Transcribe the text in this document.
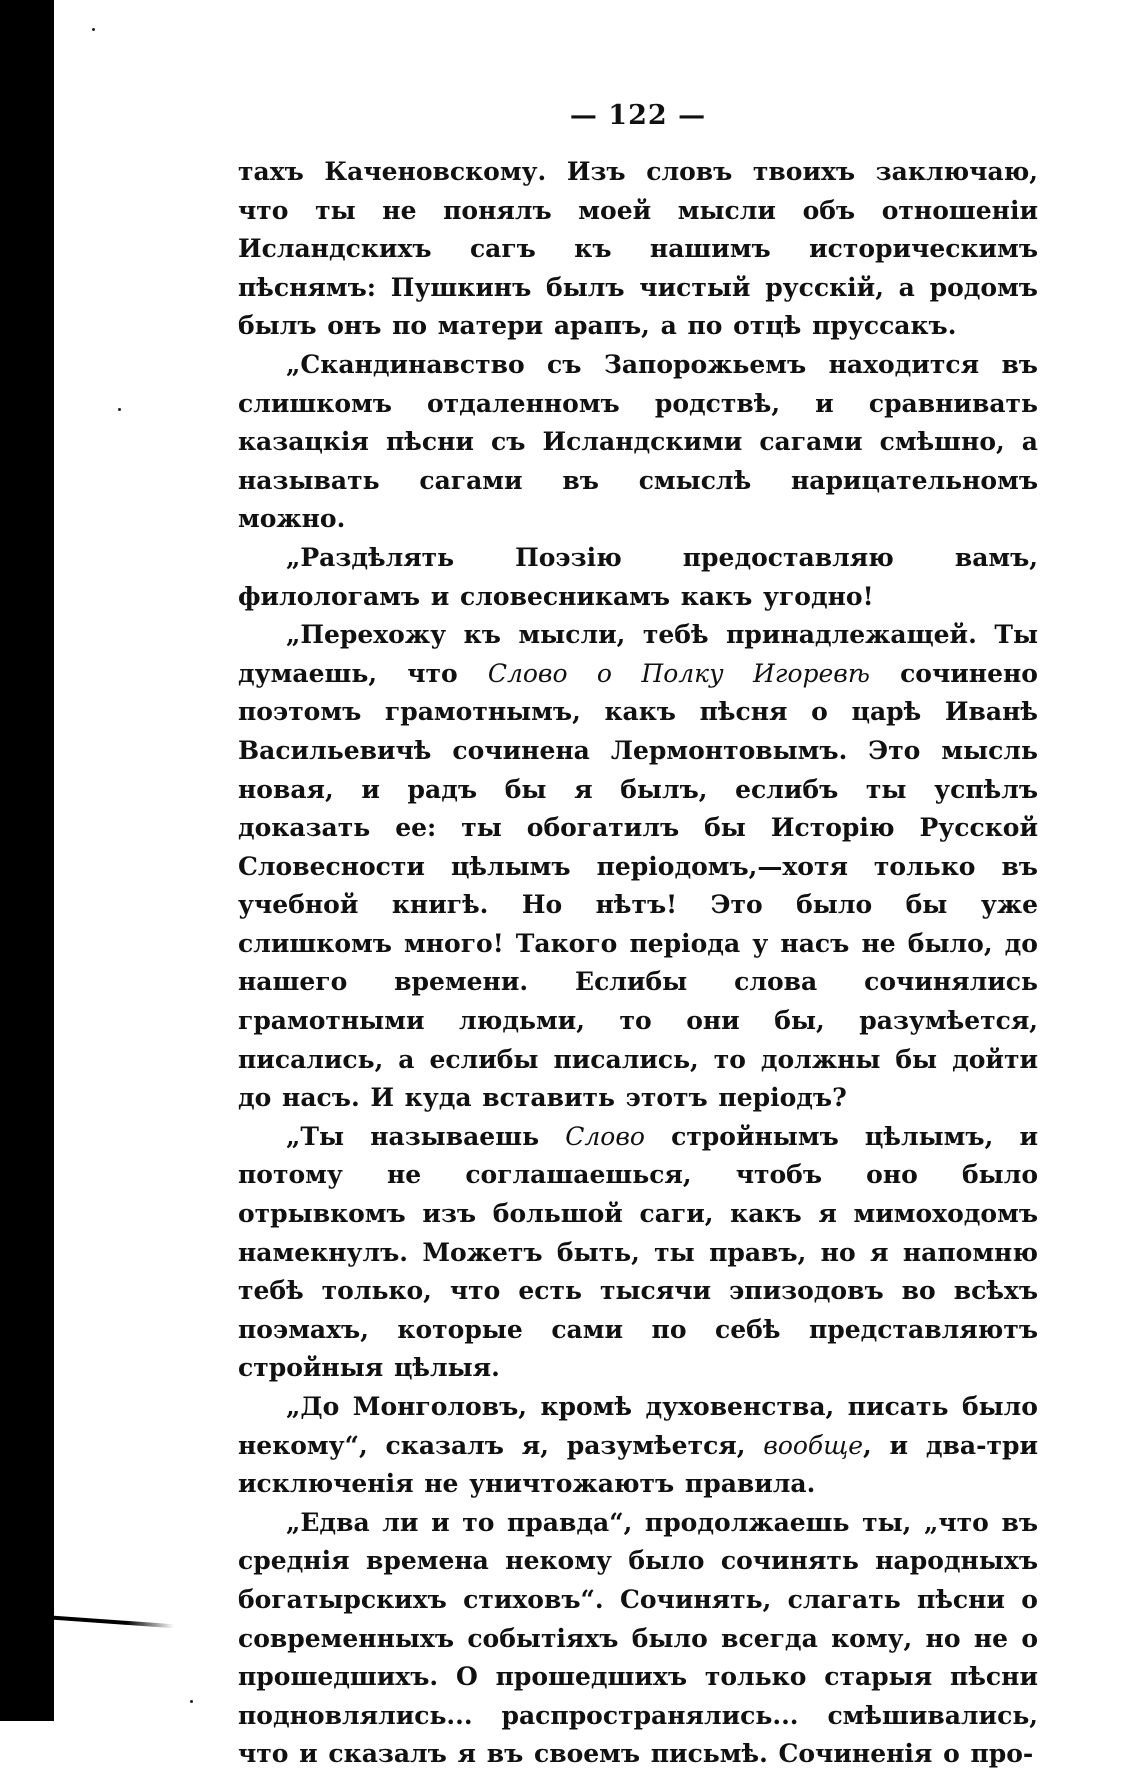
— 122 —

тахъ Каченовскому. Изъ словъ твоихъ заключаю, что ты не понялъ моей мысли объ отношеніи Исландскихъ сагъ къ нашимъ историческимъ пѣснямъ: Пушкинъ былъ чистый русскій, а родомъ былъ онъ по матери арапъ, а по отцѣ пруссакъ.

„Скандинавство съ Запорожьемъ находится въ слишкомъ отдаленномъ родствѣ, и сравнивать казацкія пѣсни съ Исландскими сагами смѣшно, а называть сагами въ смыслѣ нарицательномъ можно.

„Раздѣлять Поэзію предоставляю вамъ, филологамъ и словесникамъ какъ угодно!

„Перехожу къ мысли, тебѣ принадлежащей. Ты думаешь, что Слово о Полку Игоревѣ сочинено поэтомъ грамотнымъ, какъ пѣсня о царѣ Иванѣ Васильевичѣ сочинена Лермонтовымъ. Это мысль новая, и радъ бы я былъ, еслибъ ты успѣлъ доказать ее: ты обогатилъ бы Исторію Русской Словесности цѣлымъ періодомъ,—хотя только въ учебной книгѣ. Но нѣтъ! Это было бы уже слишкомъ много! Такого періода у насъ не было, до нашего времени. Еслибы слова сочинялись грамотными людьми, то они бы, разумѣется, писались, а еслибы писались, то должны бы дойти до насъ. И куда вставить этотъ періодъ?

„Ты называешь Слово стройнымъ цѣлымъ, и потому не соглашаешься, чтобъ оно было отрывкомъ изъ большой саги, какъ я мимоходомъ намекнулъ. Можетъ быть, ты правъ, но я напомню тебѣ только, что есть тысячи эпизодовъ во всѣхъ поэмахъ, которые сами по себѣ представляютъ стройныя цѣлыя.

„До Монголовъ, кромѣ духовенства, писать было некому“, сказалъ я, разумѣется, вообще, и два-три исключенія не уничтожаютъ правила.

„Едва ли и то правда“, продолжаешь ты, „что въ среднія времена некому было сочинять народныхъ богатырскихъ стиховъ“. Сочинять, слагать пѣсни о современныхъ событіяхъ было всегда кому, но не о прошедшихъ. О прошедшихъ только старыя пѣсни подновлялись... распространялись... смѣшивались, что и сказалъ я въ своемъ письмѣ. Сочиненія о про-
